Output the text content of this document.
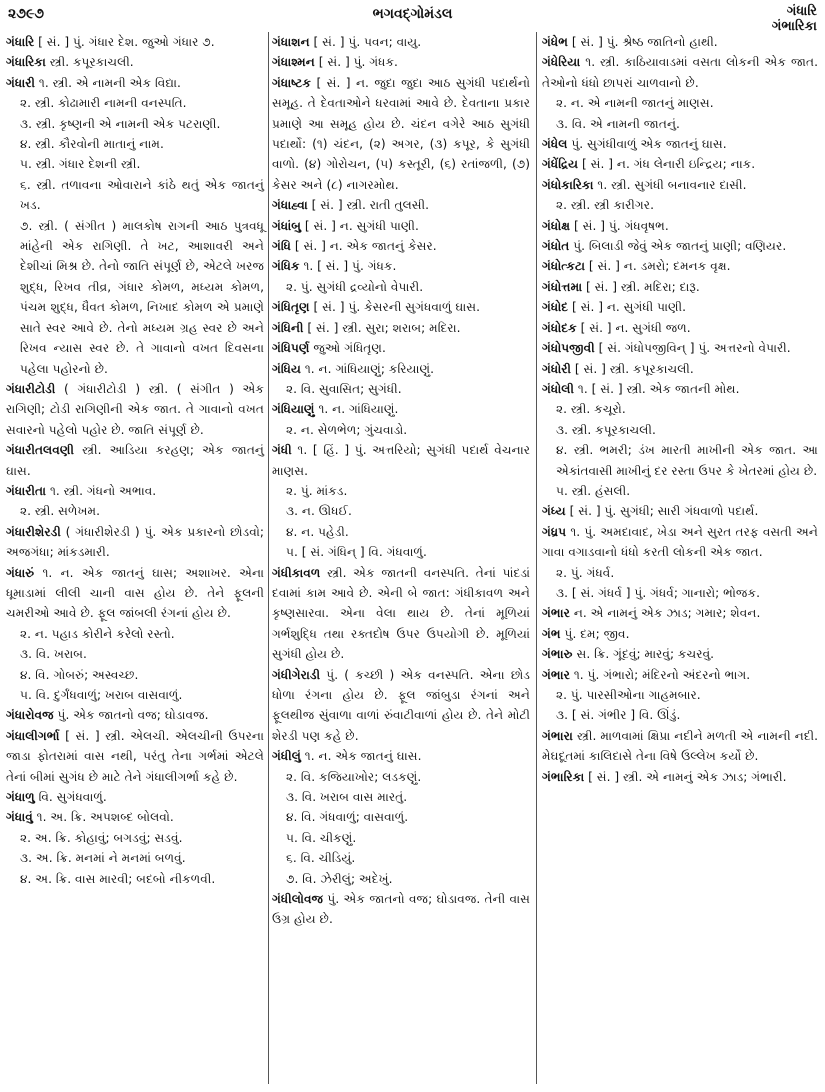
૨૭૯૭	ભગવદ્ગોમંડલ	ગંધારિ
ગંભારિકા
ગંધારિ [ સં. ] પું. ગંધાર દેશ. જુઓ ગંધાર ૭.
ગંધારિકા સ્ત્રી. કપૂરકાચલી.
ગંધારી ૧. સ્ત્રી. એ નામની એક વિદ્યા.
૨. સ્ત્રી. કોઢામારી નામની વનસ્પતિ.
૩. સ્ત્રી. કૃષ્ણની એ નામની એક પટરાણી.
૪. સ્ત્રી. કૌરવોની માતાનું નામ.
૫. સ્ત્રી. ગંધાર દેશની સ્ત્રી.
૬. સ્ત્રી. તળાવના ઓવારાને કાંઠે થતું એક જાતનું ખડ.
૭. સ્ત્રી. ( સંગીત ) માલકોષ રાગની આઠ પુત્રવધૂ માંહેની એક રાગિણી. તે ખટ, આશાવરી અને દેશીચાં મિશ્ર છે. તેનો જાતિ સંપૂર્ણ છે, એટલે ખરજ શુદ્ધ, રિખવ તીવ્ર, ગંધાર કોમળ, મધ્યમ કોમળ, પંચમ શુદ્ધ, ધૈવત કોમળ, નિખાદ કોમળ એ પ્રમાણે સાતે સ્વર આવે છે. તેનો મધ્યમ ગ્રહ સ્વર છે અને રિખવ ન્યાસ સ્વર છે. તે ગાવાનો વખત દિવસના પહેલા પહોરનો છે.
ગંધારીટોડી ( ગંધારીટોડી ) સ્ત્રી. ( સંગીત ) એક રાગિણી; ટોડી રાગિણીની એક જાત. તે ગાવાનો વખત સવારનો પહેલો પહોર છે. જાતિ સંપૂર્ણ છે.
ગંધારીતલવણી સ્ત્રી. આડિયા કરહણ; એક જાતનું ઘાસ.
ગંધારીતા ૧. સ્ત્રી. ગંધનો અભાવ.
૨. સ્ત્રી. સળેખમ.
ગંધારીશેરડી ( ગંધારીશેરડી ) પું. એક પ્રકારનો છોડવો; અજગંધા; માંકડમારી.
ગંધારું ૧. ન. એક જાતનું ઘાસ; અશાખર. એના ધૂમાડામાં લીલી ચાની વાસ હોય છે. તેને ફૂલની ચમરીઓ આવે છે. ફૂલ જાંબલી રંગનાં હોય છે.
૨. ન. પહાડ કોરીને કરેલો રસ્તો.
૩. વિ. ખરાબ.
૪. વિ. ગોબરું; અસ્વચ્છ.
૫. વિ. દુર્ગંધવાળું; ખરાબ વાસવાળું.
ગંધારોવજ પું. એક જાતનો વજ; ઘોડાવજ.
ગંધાલીગર્ભા [ સં. ] સ્ત્રી. એલચી. એલચીની ઉપરના જાડા ફોતરામાં વાસ નથી, પરંતુ તેના ગર્ભમાં એટલે તેનાં બીમાં સુગંધ છે માટે તેને ગંધાલીગર્ભા કહે છે.
ગંધાળુ વિ. સુગંધવાળું.
ગંધાવું ૧. અ. ક્રિ. અપશબ્દ બોલવો.
૨. અ. ક્રિ. કોહાવું; બગડવું; સડવું.
૩. અ. ક્રિ. મનમાં ને મનમાં બળવું.
૪. અ. ક્રિ. વાસ મારવી; બદબો નીકળવી.
ગંધાશન [ સં. ] પું. પવન; વાયુ.
ગંધાશ્મન [ સં. ] પું. ગંધક.
ગંધાષ્ટક [ સં. ] ન. જુદા જુદા આઠ સુગંધી પદાર્થનો સમૂહ. તે દેવતાઓને ધરવામાં આવે છે. દેવતાના પ્રકાર પ્રમાણે આ સમૂહ હોય છે. ચંદન વગેરે આઠ સુગંધી પદાર્થો: (૧) ચંદન, (૨) અગર, (૩) કપૂર, કે સુગંધી વાળો. (૪) ગોરોચન, (૫) કસ્તૂરી, (૬) રતાંજળી, (૭) કેસર અને (૮) નાગરમોથ.
ગંધાહ્વા [ સં. ] સ્ત્રી. રાતી તુલસી.
ગંધાંબુ [ સં. ] ન. સુગંધી પાણી.
ગંધિ [ સં. ] ન. એક જાતનું કેસર.
ગંધિક ૧. [ સં. ] પું. ગંધક.
૨. પું. સુગંધી દ્રવ્યોનો વેપારી.
ગંધિતૃણ [ સં. ] પું. કેસરની સુગંધવાળું ઘાસ.
ગંધિની [ સં. ] સ્ત્રી. સુરા; શરાબ; મદિરા.
ગંધિપર્ણ જુઓ ગંધિતૃણ.
ગંધિય ૧. ન. ગાંધિયાણું; કરિયાણું.
૨. વિ. સુવાસિત; સુગંધી.
ગંધિયાણું ૧. ન. ગાંધિયાણું.
૨. ન. સેળભેળ; ગુંચવાડો.
ગંધી ૧. [ હિં. ] પું. અત્તરિયો; સુગંધી પદાર્થ વેચનાર માણસ.
૨. પું. માંકડ.
૩. ન. ઊધઈ.
૪. ન. પહેડી.
૫. [ સં. ગંધિન્ ] વિ. ગંધવાળું.
ગંધીકાવળ સ્ત્રી. એક જાતની વનસ્પતિ. તેનાં પાંદડાં દવામાં કામ આવે છે. એની બે જાત: ગંધીકાવળ અને કૃષ્ણસારવા. એના વેલા થાય છે. તેનાં મૂળિયાં ગર્ભશુદ્ધિ તથા રક્તદોષ ઉપર ઉપયોગી છે. મૂળિયાં સુગંધી હોય છે.
ગંધીગેરાડી પું. ( કચ્છી ) એક વનસ્પતિ. એના છોડ ધોળા રંગના હોય છે. ફૂલ જાંબુડા રંગનાં અને ફૂલથીજ સુંવાળા વાળાં રુંવાટીવાળાં હોય છે. તેને મોટી શેરડી પણ કહે છે.
ગંધીલું ૧. ન. એક જાતનું ઘાસ.
૨. વિ. કજિયાખોર; લડકણું.
૩. વિ. ખરાબ વાસ મારતું.
૪. વિ. ગંધવાળું; વાસવાળું.
૫. વિ. ચીકણું.
૬. વિ. ચીડિયું.
૭. વિ. ઝેરીલું; અદેખું.
ગંધીલોવજ પું. એક જાતનો વજ; ઘોડાવજ. તેની વાસ ઉગ્ર હોય છે.
ગંધેભ [ સં. ] પું. શ્રેષ્ઠ જાતિનો હાથી.
ગંધેરિયા ૧. સ્ત્રી. કાઠિયાવાડમાં વસતા લોકની એક જાત. તેઓનો ધંધો છાપરાં ચાળવાનો છે.
૨. ન. એ નામની જાતનું માણસ.
૩. વિ. એ નામની જાતનું.
ગંધેલ પું. સુગંધીવાળું એક જાતનું ઘાસ.
ગંધેંદ્રિય [ સં. ] ન. ગંધ લેનારી ઇન્દ્રિય; નાક.
ગંધોકારિકા ૧. સ્ત્રી. સુગંધી બનાવનાર દાસી.
૨. સ્ત્રી. સ્ત્રી કારીગર.
ગંધોક્ષ [ સં. ] પું. ગંધવૃષભ.
ગંધોત પું. બિલાડી જેવું એક જાતનું પ્રાણી; વણિયર.
ગંધોત્કટા [ સં. ] ન. ડમરો; દમનક વૃક્ષ.
ગંધોત્તમા [ સં. ] સ્ત્રી. મદિરા; દારૂ.
ગંધોદ [ સં. ] ન. સુગંધી પાણી.
ગંધોદક [ સં. ] ન. સુગંધી જળ.
ગંધોપજીવી [ સં. ગંધોપજીવિન્ ] પું. અત્તરનો વેપારી.
ગંધોરી [ સં. ] સ્ત્રી. કપૂરકાચલી.
ગંધોલી ૧. [ સં. ] સ્ત્રી. એક જાતની મોથ.
૨. સ્ત્રી. કચૂરો.
૩. સ્ત્રી. કપૂરકાચલી.
૪. સ્ત્રી. ભમરી; ડંખ મારતી માખીની એક જાત. આ એકાંતવાસી માખીનું દર રસ્તા ઉપર કે ખેતરમાં હોય છે.
૫. સ્ત્રી. હંસલી.
ગંધ્ય [ સં. ] પું. સુગંધી; સારી ગંધવાળો પદાર્થ.
ગંધ્રપ ૧. પું. અમદાવાદ, ખેડા અને સુરત તરફ વસતી અને ગાવા વગાડવાનો ધંધો કરતી લોકની એક જાત.
૨. પું. ગંધર્વ.
૩. [ સં. ગંધર્વ ] પું. ગંધર્વ; ગાનારો; ભોજક.
ગંભાર ન. એ નામનું એક ઝાડ; ગમાર; શેવન.
ગંભ પું. દમ; જીવ.
ગંભારુ સ. ક્રિ. ગૂંદવું; મારવું; કચરવું.
ગંભાર ૧. પું. ગંભારો; મંદિરનો અંદરનો ભાગ.
૨. પું. પારસીઓના ગાહમબાર.
૩. [ સં. ગંભીર ] વિ. ઊંડું.
ગંભારા સ્ત્રી. માળવામાં ક્ષિપ્રા નદીને મળતી એ નામની નદી. મેઘદૂતમાં કાલિદાસે તેના વિષે ઉલ્લેખ કર્યો છે.
ગંભારિકા [ સં. ] સ્ત્રી. એ નામનું એક ઝાડ; ગંભારી.
